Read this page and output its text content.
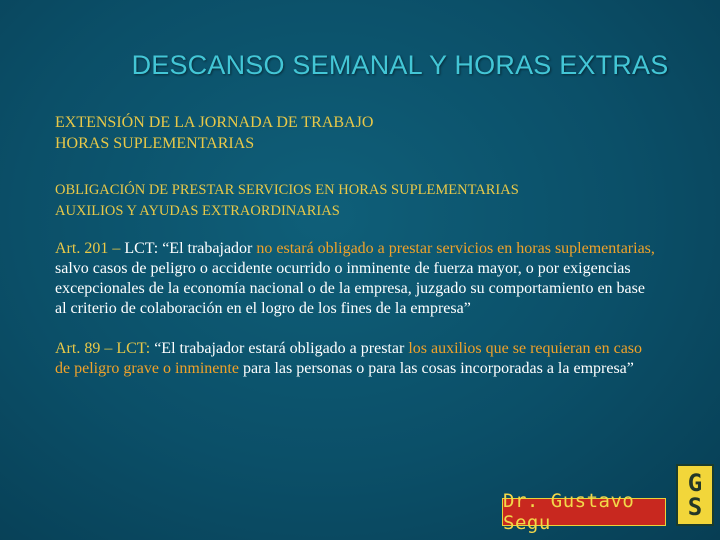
DESCANSO SEMANAL Y HORAS EXTRAS

EXTENSIÓN DE LA JORNADA DE TRABAJO

HORAS SUPLEMENTARIAS

OBLIGACIÓN DE PRESTAR SERVICIOS EN HORAS SUPLEMENTARIAS

AUXILIOS Y AYUDAS EXTRAORDINARIAS

Art. 201 – LCT: “El trabajador no estará obligado a prestar servicios en horas suplementarias, salvo casos de peligro o accidente ocurrido o inminente de fuerza mayor, o por exigencias excepcionales de la economía nacional o de la empresa, juzgado su comportamiento en base al criterio de colaboración en el logro de los fines de la empresa”

Art. 89 – LCT: “El trabajador estará obligado a prestar los auxilios que se requieran en caso de peligro grave o inminente para las personas o para las cosas incorporadas a la empresa”

Dr. Gustavo Segu
G
S
